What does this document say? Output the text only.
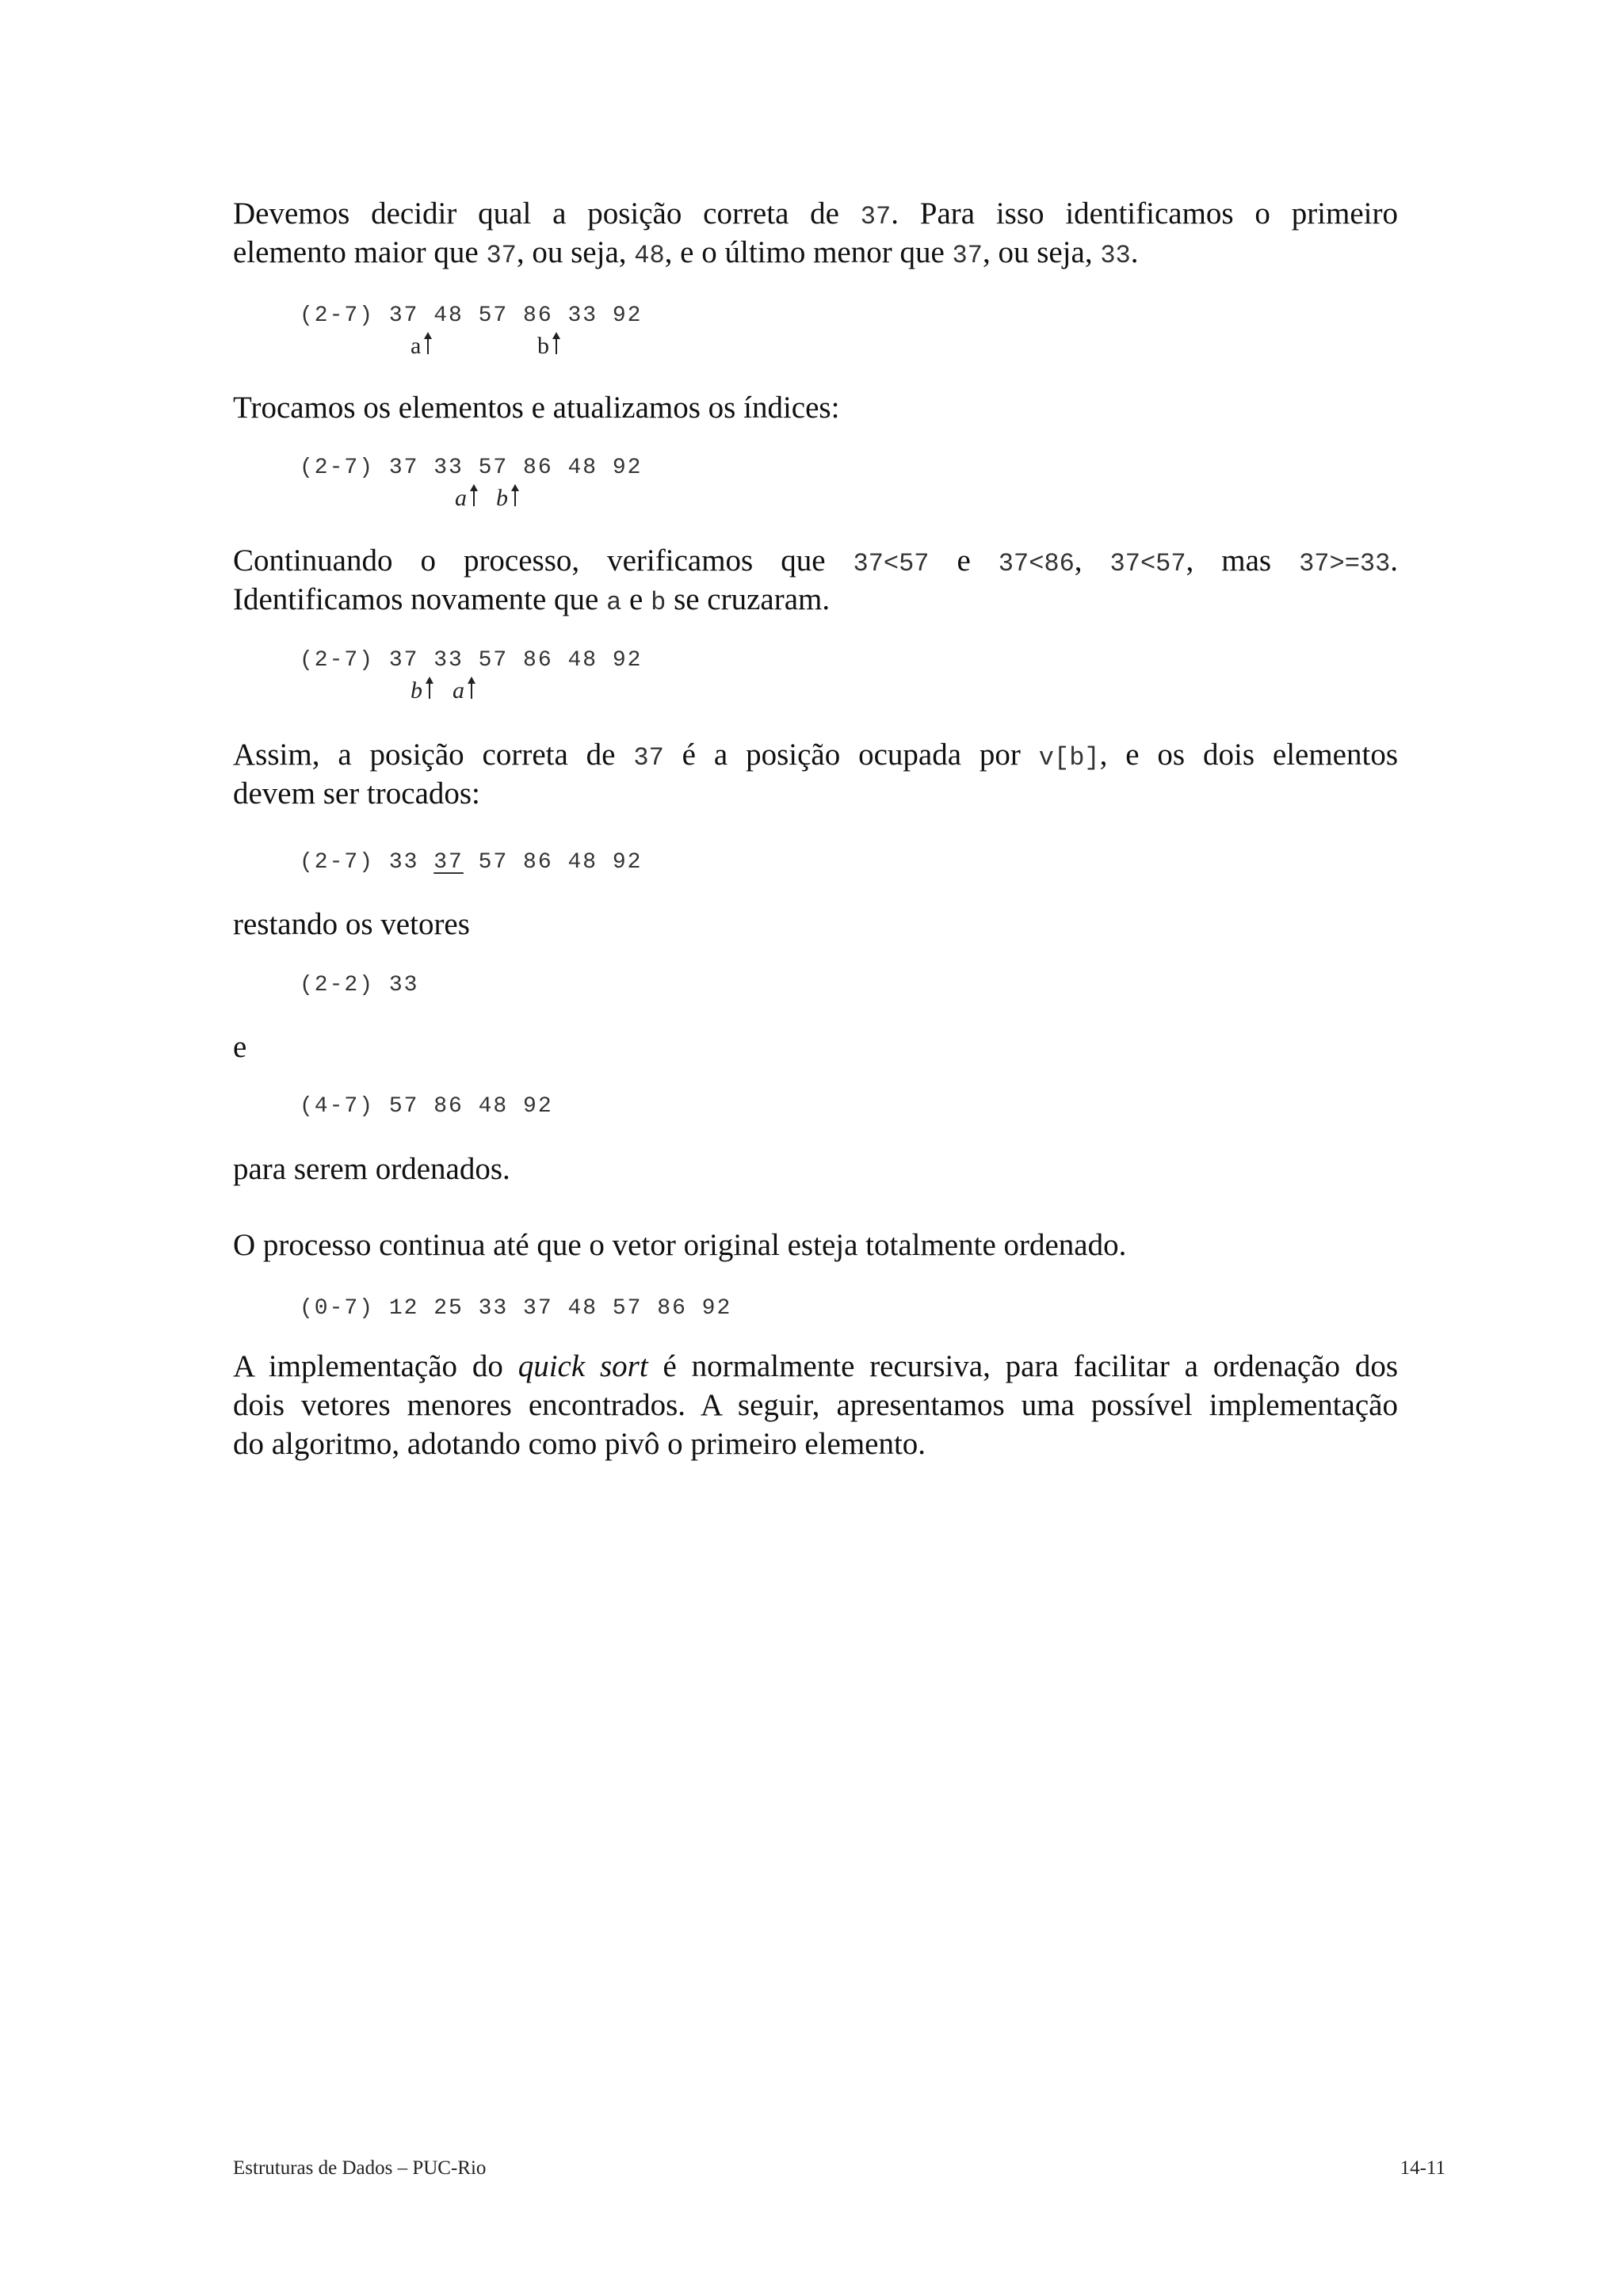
Devemos decidir qual a posição correta de 37. Para isso identificamos o primeiro

elemento maior que 37, ou seja, 48, e o último menor que 37, ou seja, 33.

(2-7) 37 48 57 86 33 92
a	b

Trocamos os elementos e atualizamos os índices:

(2-7) 37 33 57 86 48 92
a	b

Continuando o processo, verificamos que 37<57 e 37<86, 37<57, mas 37>=33.

Identificamos novamente que a e b se cruzaram.

(2-7) 37 33 57 86 48 92
b	a

Assim, a posição correta de 37 é a posição ocupada por v[b], e os dois elementos

devem ser trocados:

(2-7) 33 37 57 86 48 92

restando os vetores

(2-2) 33

e

(4-7) 57 86 48 92

para serem ordenados.

O processo continua até que o vetor original esteja totalmente ordenado.

(0-7) 12 25 33 37 48 57 86 92

A implementação do quick sort é normalmente recursiva, para facilitar a ordenação dos

dois vetores menores encontrados. A seguir, apresentamos uma possível implementação

do algoritmo, adotando como pivô o primeiro elemento.

Estruturas de Dados – PUC-Rio	14-11
